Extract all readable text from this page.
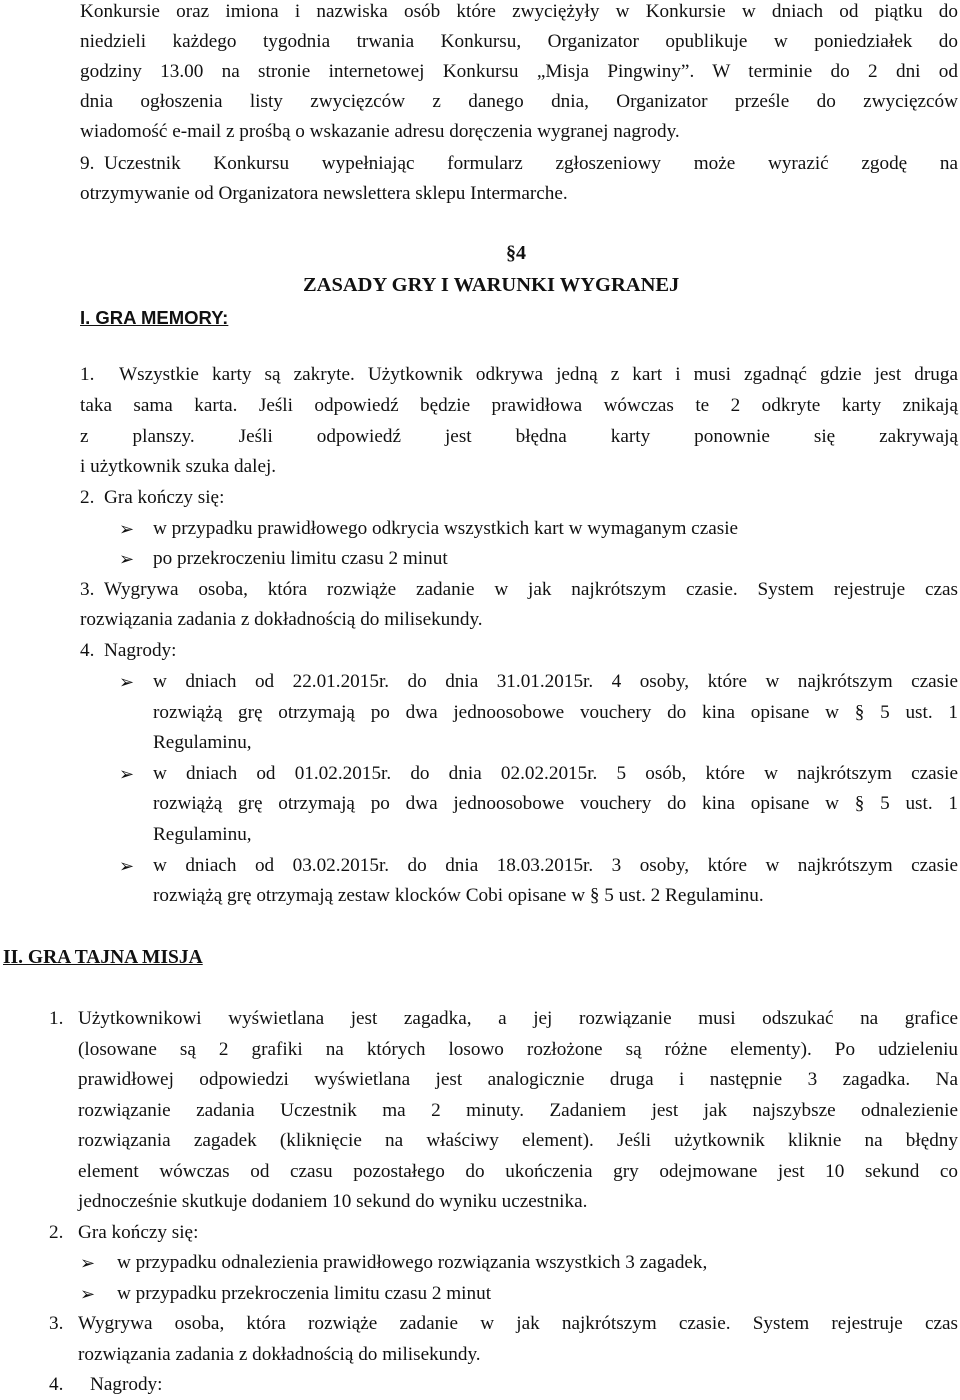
Konkursie oraz imiona i nazwiska osób które zwyciężyły w Konkursie w dniach od piątku do
niedzieli każdego tygodnia trwania Konkursu, Organizator opublikuje w poniedziałek do
godziny 13.00 na stronie internetowej Konkursu „Misja Pingwiny”. W terminie do 2 dni od
dnia ogłoszenia listy zwycięzców z danego dnia, Organizator prześle do zwycięzców
wiadomość e-mail z prośbą o wskazanie adresu doręczenia wygranej nagrody.
9. Uczestnik Konkursu wypełniając formularz zgłoszeniowy może wyrazić zgodę na
otrzymywanie od Organizatora newslettera sklepu Intermarche.
§4
ZASADY GRY I WARUNKI WYGRANEJ
I. GRA MEMORY:
1. Wszystkie karty są zakryte. Użytkownik odkrywa jedną z kart i musi zgadnąć gdzie jest druga
taka sama karta. Jeśli odpowiedź będzie prawidłowa wówczas te 2 odkryte karty znikają
z planszy. Jeśli odpowiedź jest błędna karty ponownie się zakrywają
i użytkownik szuka dalej.
2. Gra kończy się:
➢ w przypadku prawidłowego odkrycia wszystkich kart w wymaganym czasie
➢ po przekroczeniu limitu czasu 2 minut
3. Wygrywa osoba, która rozwiąże zadanie w jak najkrótszym czasie. System rejestruje czas
rozwiązania zadania z dokładnością do milisekundy.
4. Nagrody:
➢ w dniach od 22.01.2015r. do dnia 31.01.2015r. 4 osoby, które w najkrótszym czasie
rozwiążą grę otrzymają po dwa jednoosobowe vouchery do kina opisane w § 5 ust. 1
Regulaminu,
➢ w dniach od 01.02.2015r. do dnia 02.02.2015r. 5 osób, które w najkrótszym czasie
rozwiążą grę otrzymają po dwa jednoosobowe vouchery do kina opisane w § 5 ust. 1
Regulaminu,
➢ w dniach od 03.02.2015r. do dnia 18.03.2015r. 3 osoby, które w najkrótszym czasie
rozwiążą grę otrzymają zestaw klocków Cobi opisane w § 5 ust. 2 Regulaminu.
II. GRA TAJNA MISJA
1. Użytkownikowi wyświetlana jest zagadka, a jej rozwiązanie musi odszukać na grafice
(losowane są 2 grafiki na których losowo rozłożone są różne elementy). Po udzieleniu
prawidłowej odpowiedzi wyświetlana jest analogicznie druga i następnie 3 zagadka. Na
rozwiązanie zadania Uczestnik ma 2 minuty. Zadaniem jest jak najszybsze odnalezienie
rozwiązania zagadek (kliknięcie na właściwy element). Jeśli użytkownik kliknie na błędny
element wówczas od czasu pozostałego do ukończenia gry odejmowane jest 10 sekund co
jednocześnie skutkuje dodaniem 10 sekund do wyniku uczestnika.
2. Gra kończy się:
➢ w przypadku odnalezienia prawidłowego rozwiązania wszystkich 3 zagadek,
➢ w przypadku przekroczenia limitu czasu 2 minut
3. Wygrywa osoba, która rozwiąże zadanie w jak najkrótszym czasie. System rejestruje czas
rozwiązania zadania z dokładnością do milisekundy.
4. Nagrody:
